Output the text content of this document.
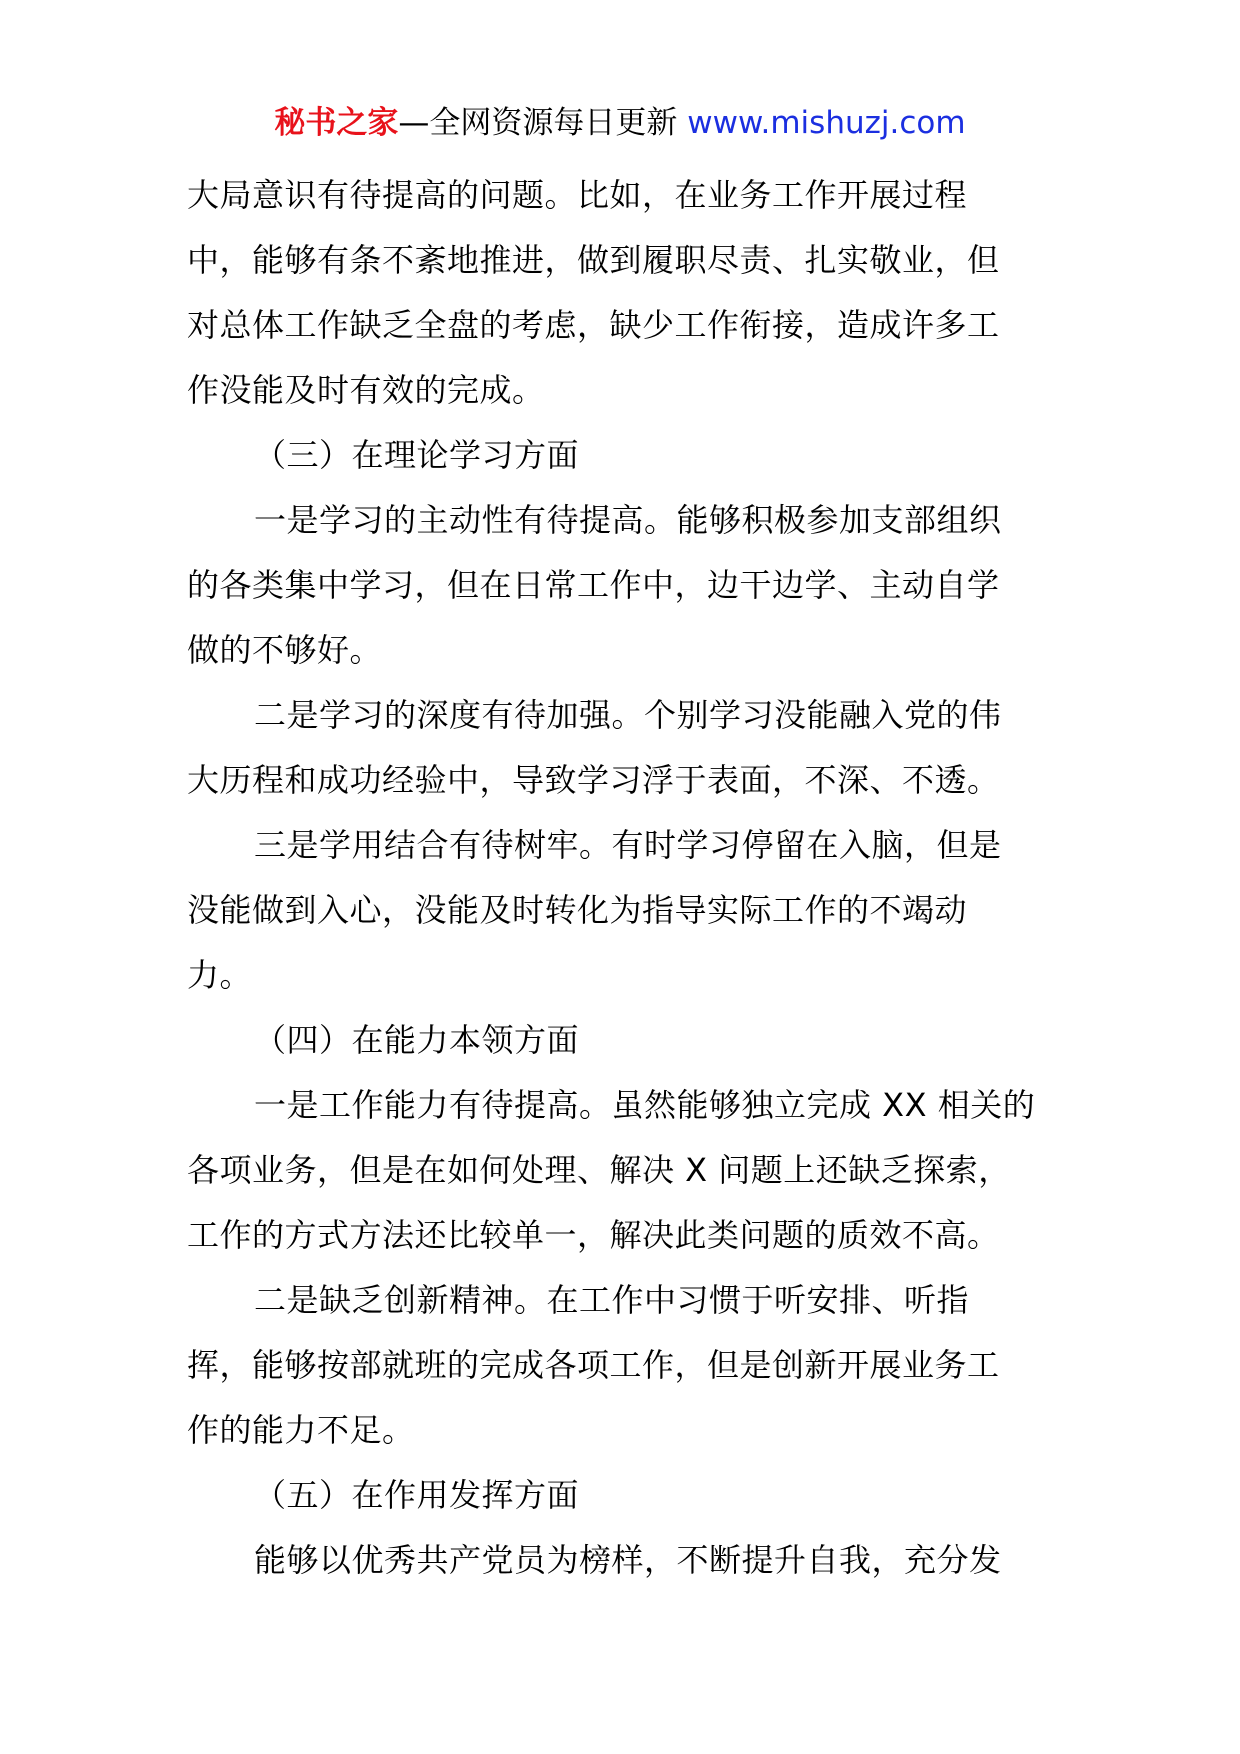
秘书之家—全网资源每日更新 www.mishuzj.com
大局意识有待提高的问题。比如，在业务工作开展过程
中，能够有条不紊地推进，做到履职尽责、扎实敬业，但
对总体工作缺乏全盘的考虑，缺少工作衔接，造成许多工
作没能及时有效的完成。
（三）在理论学习方面
一是学习的主动性有待提高。能够积极参加支部组织
的各类集中学习，但在日常工作中，边干边学、主动自学
做的不够好。
二是学习的深度有待加强。个别学习没能融入党的伟
大历程和成功经验中，导致学习浮于表面，不深、不透。
三是学用结合有待树牢。有时学习停留在入脑，但是
没能做到入心，没能及时转化为指导实际工作的不竭动
力。
（四）在能力本领方面
一是工作能力有待提高。虽然能够独立完成 XX 相关的
各项业务，但是在如何处理、解决 X 问题上还缺乏探索，
工作的方式方法还比较单一，解决此类问题的质效不高。
二是缺乏创新精神。在工作中习惯于听安排、听指
挥，能够按部就班的完成各项工作，但是创新开展业务工
作的能力不足。
（五）在作用发挥方面
能够以优秀共产党员为榜样，不断提升自我，充分发
